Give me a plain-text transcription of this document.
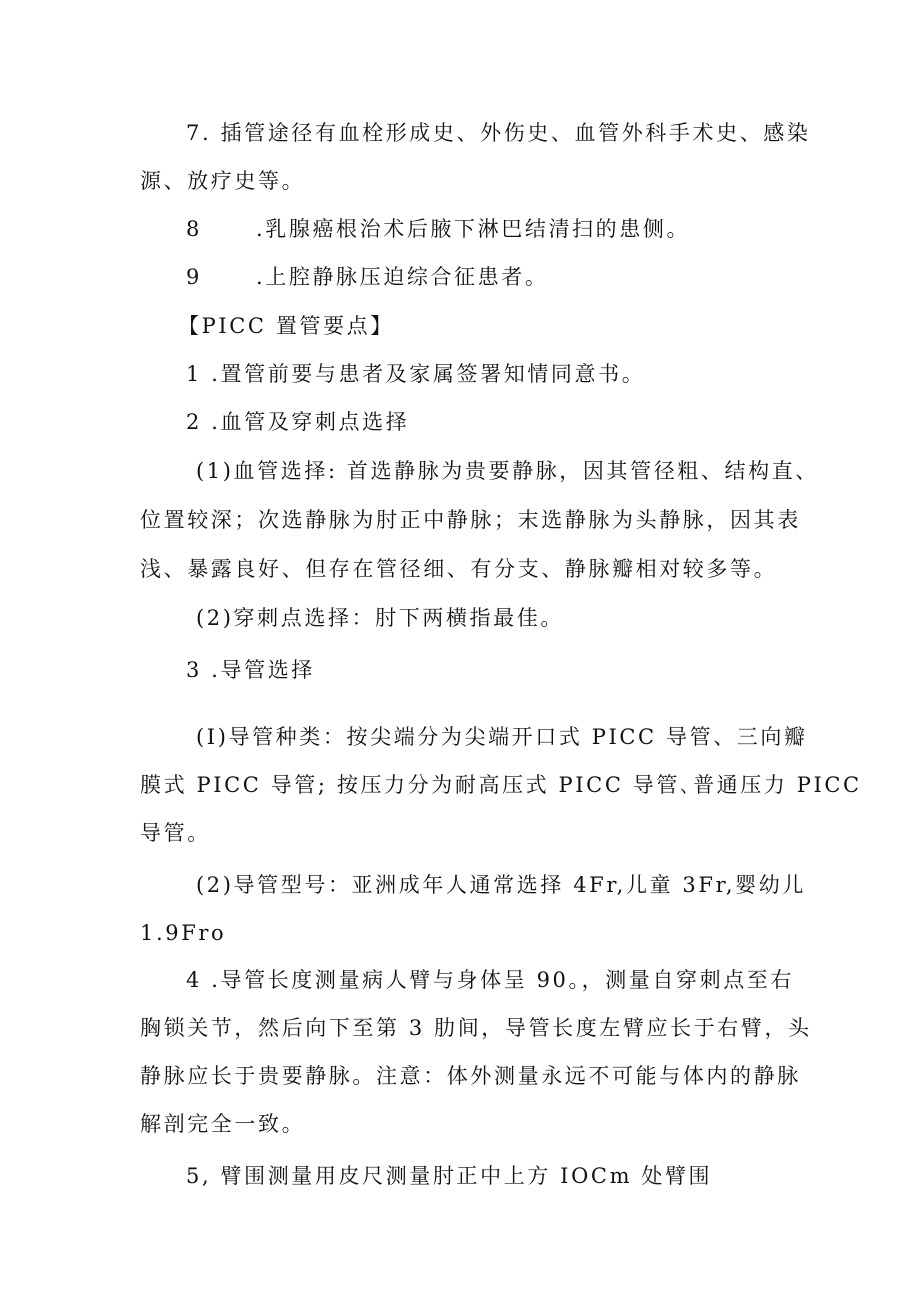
7. 插管途径有血栓形成史、外伤史、血管外科手术史、感染
源、放疗史等。
8	.乳腺癌根治术后腋下淋巴结清扫的患侧。
9	.上腔静脉压迫综合征患者。
【PICC 置管要点】
1 .置管前要与患者及家属签署知情同意书。
2 .血管及穿刺点选择
(1)血管选择: 首选静脉为贵要静脉，因其管径粗、结构直、
位置较深；次选静脉为肘正中静脉；末选静脉为头静脉，因其表
浅、暴露良好、但存在管径细、有分支、静脉瓣相对较多等。
(2)穿刺点选择：肘下两横指最佳。
3 .导管选择
(I)导管种类：按尖端分为尖端开口式 PICC 导管、三向瓣
膜式 PICC 导管; 按压力分为耐高压式 PICC 导管､普通压力 PICC
导管。
(2)导管型号：亚洲成年人通常选择 4Fr,儿童 3Fr,婴幼儿
1.9Fro
4 .导管长度测量病人臂与身体呈 90。，测量自穿刺点至右
胸锁关节，然后向下至第 3 肋间，导管长度左臂应长于右臂，头
静脉应长于贵要静脉。注意：体外测量永远不可能与体内的静脉
解剖完全一致。
5, 臂围测量用皮尺测量肘正中上方 IOCm 处臂围
